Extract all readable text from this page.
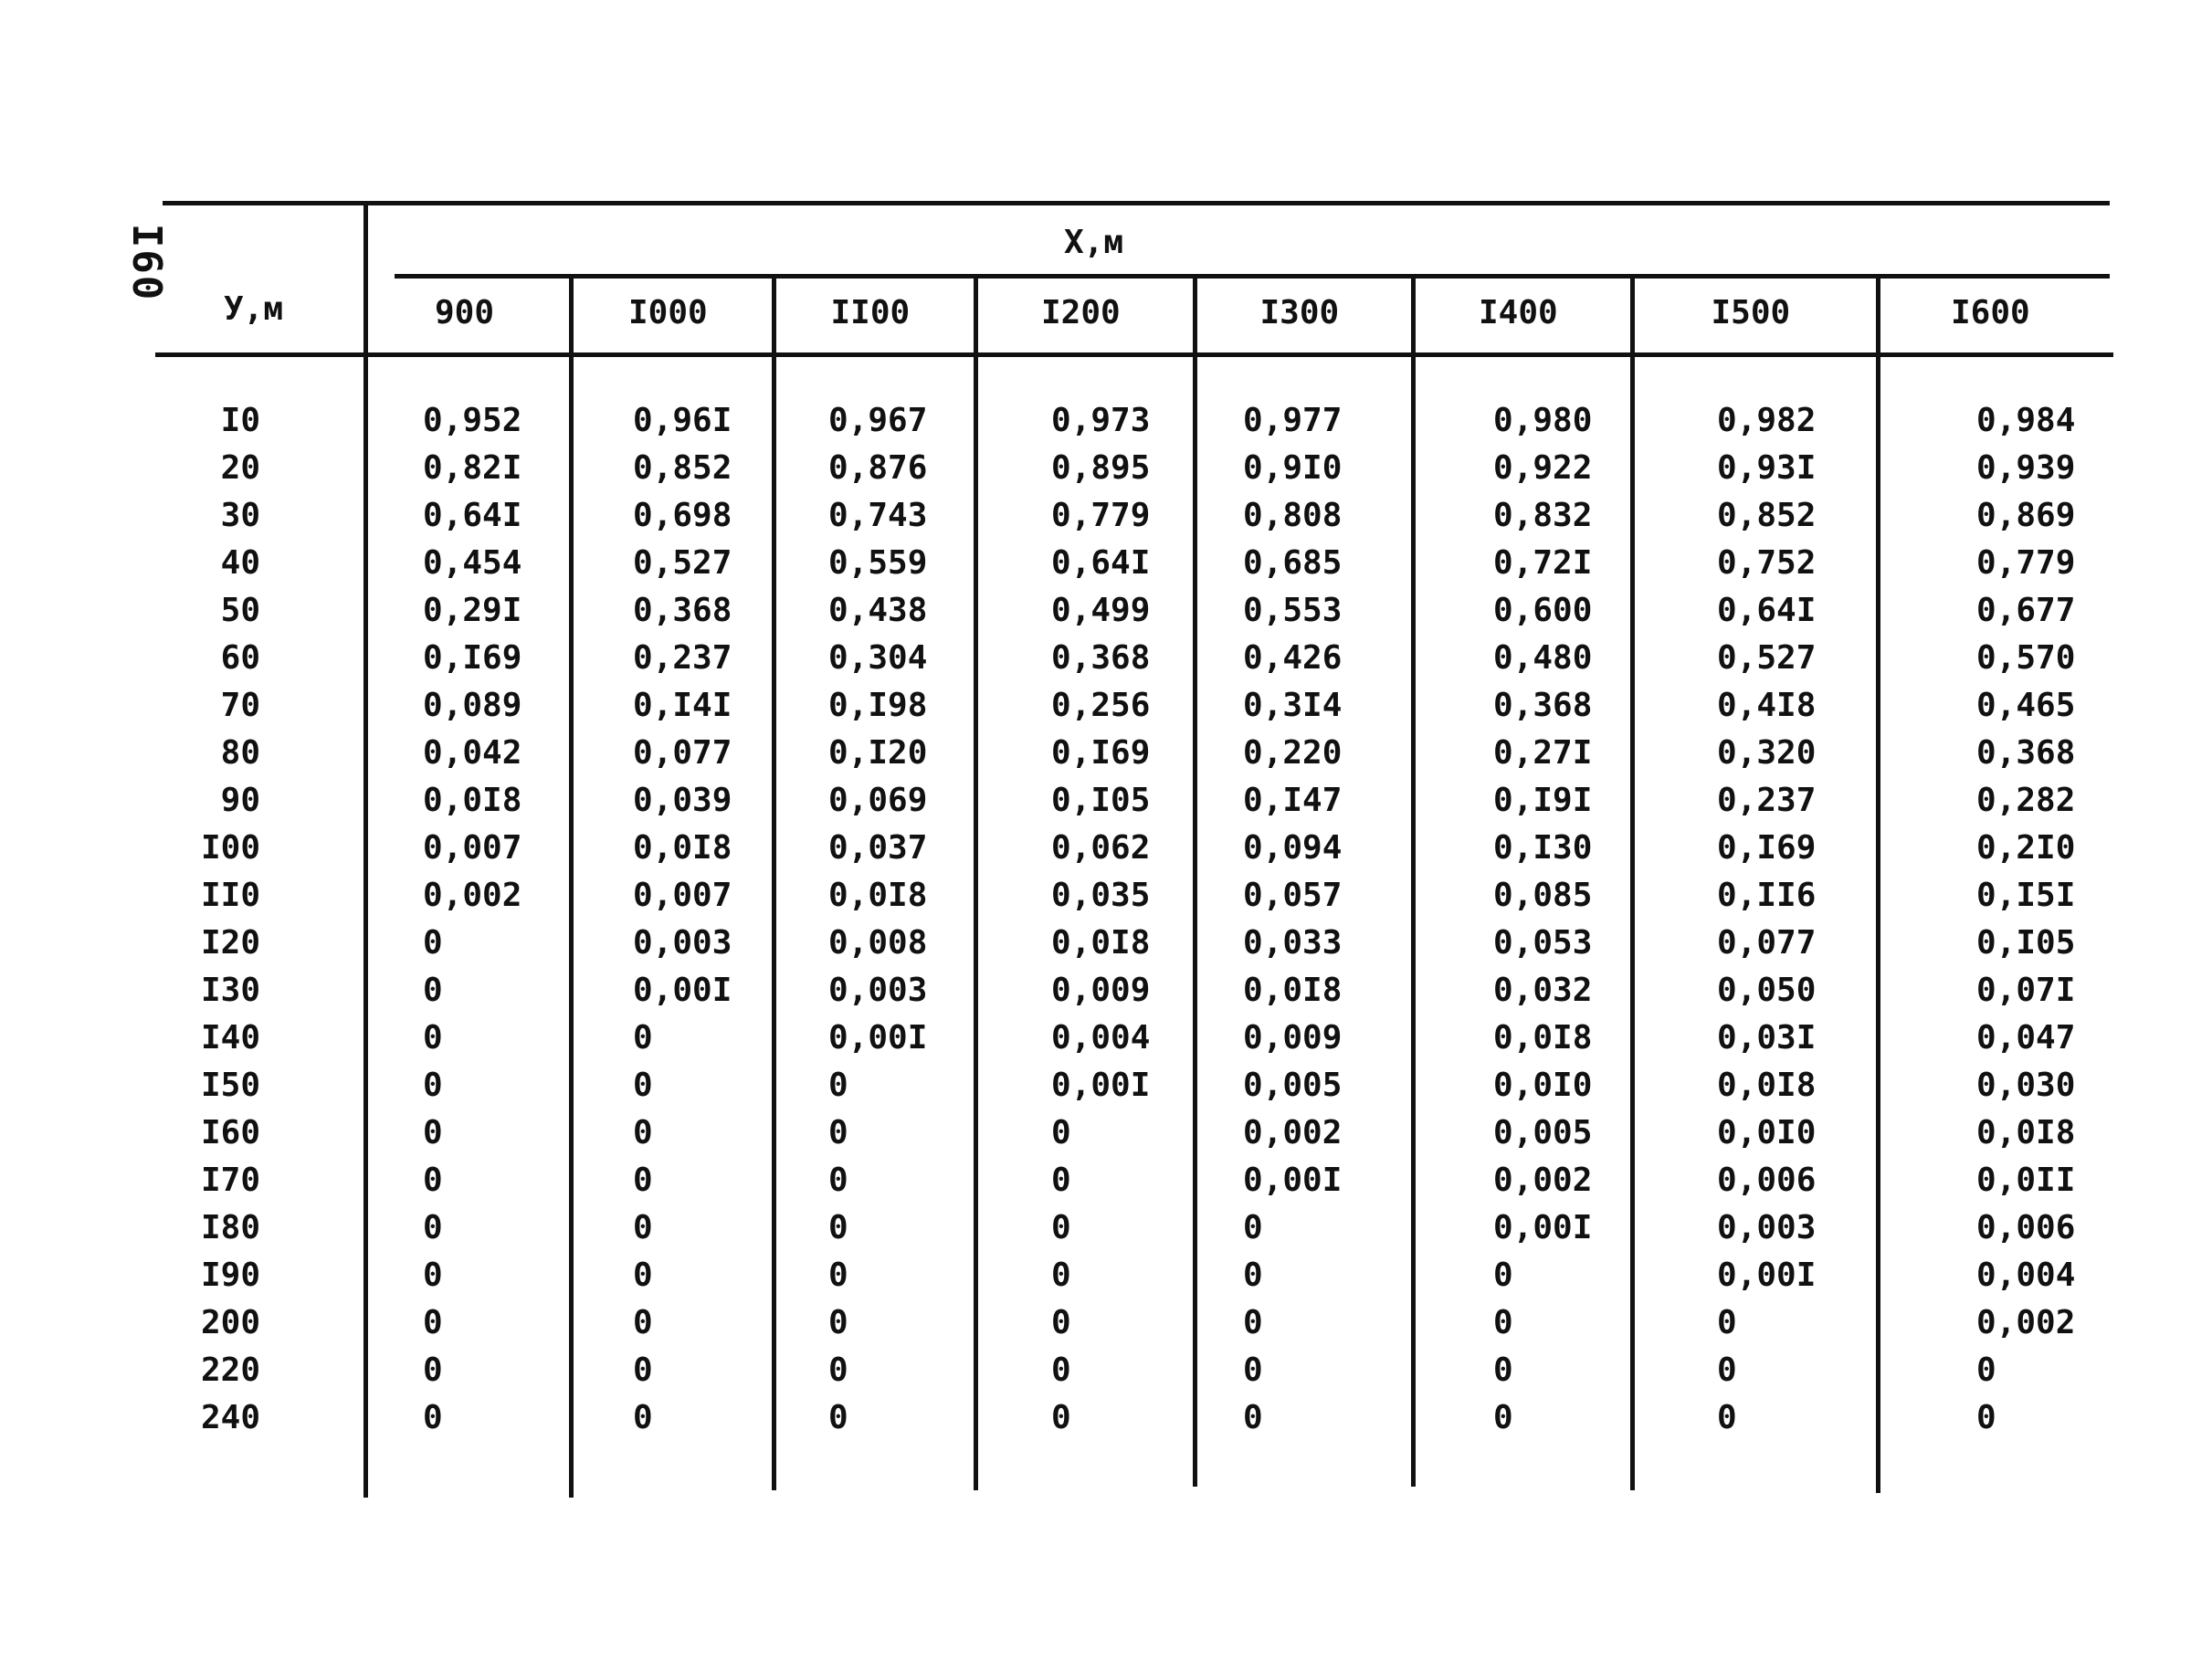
I60
У,м
Х,м
900	I000	II00	I200	I300	I400	I500	I600
I0	0,952	0,96I	0,967	0,973	0,977	0,980	0,982	0,984
20	0,82I	0,852	0,876	0,895	0,9I0	0,922	0,93I	0,939
30	0,64I	0,698	0,743	0,779	0,808	0,832	0,852	0,869
40	0,454	0,527	0,559	0,64I	0,685	0,72I	0,752	0,779
50	0,29I	0,368	0,438	0,499	0,553	0,600	0,64I	0,677
60	0,I69	0,237	0,304	0,368	0,426	0,480	0,527	0,570
70	0,089	0,I4I	0,I98	0,256	0,3I4	0,368	0,4I8	0,465
80	0,042	0,077	0,I20	0,I69	0,220	0,27I	0,320	0,368
90	0,0I8	0,039	0,069	0,I05	0,I47	0,I9I	0,237	0,282
I00	0,007	0,0I8	0,037	0,062	0,094	0,I30	0,I69	0,2I0
II0	0,002	0,007	0,0I8	0,035	0,057	0,085	0,II6	0,I5I
I20	0	0,003	0,008	0,0I8	0,033	0,053	0,077	0,I05
I30	0	0,00I	0,003	0,009	0,0I8	0,032	0,050	0,07I
I40	0	0	0,00I	0,004	0,009	0,0I8	0,03I	0,047
I50	0	0	0	0,00I	0,005	0,0I0	0,0I8	0,030
I60	0	0	0	0	0,002	0,005	0,0I0	0,0I8
I70	0	0	0	0	0,00I	0,002	0,006	0,0II
I80	0	0	0	0	0	0,00I	0,003	0,006
I90	0	0	0	0	0	0	0,00I	0,004
200	0	0	0	0	0	0	0	0,002
220	0	0	0	0	0	0	0	0
240	0	0	0	0	0	0	0	0
